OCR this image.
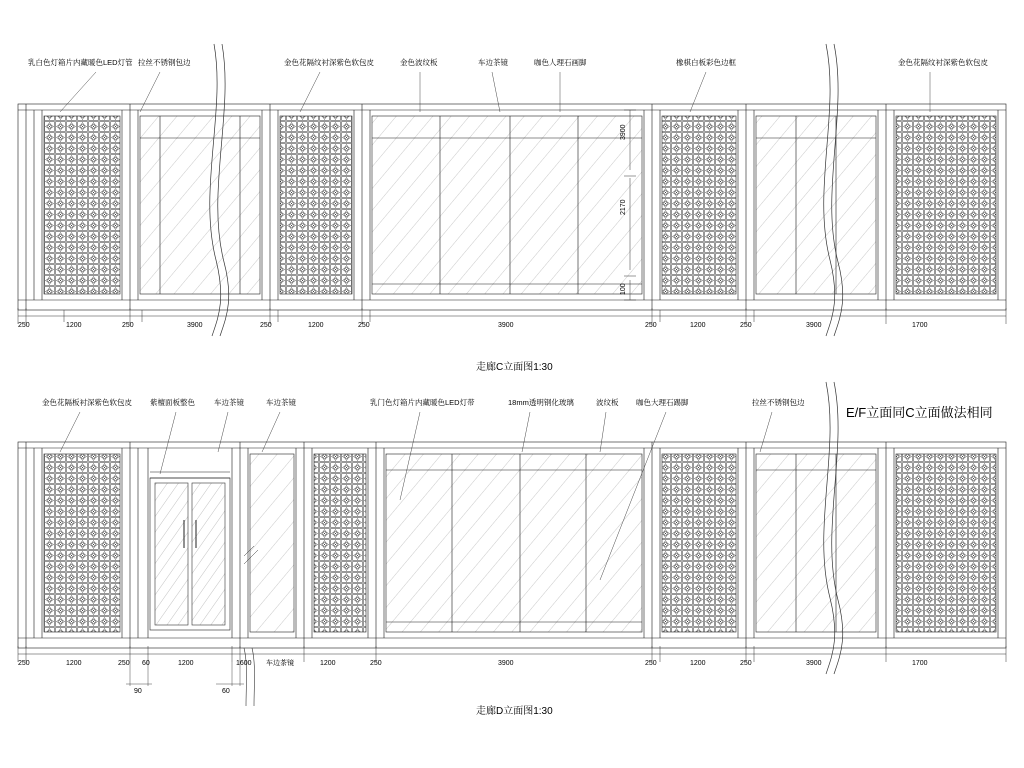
乳白色灯箱片内藏暖色LED灯管 拉丝不锈钢包边	金色花隔纹衬深紫色软包皮	金色波纹板	车边茶镜	咖色人理石画脚	橡棋白板彩色边框	金色花隔纹衬深紫色软包皮
3900
2170
100
250	1200	250	3900	250	1200	250	3900	250	1200	250	3900	1700
走廊C立面图1:30
金色花隔板衬深紫色软包皮 紫檀面板整色	车边茶镜	车边茶镜	乳门色灯箱片内藏暖色LED灯带	18mm透明钢化玻璃	波纹板 咖色大理石踢脚	拉丝不锈钢包边
E/F立面同C立面做法相同
250	1200	250 60	1200	1600 车边茶镜	1200	250	3900	250	1200	250	3900	1700
90	60
走廊D立面图1:30
